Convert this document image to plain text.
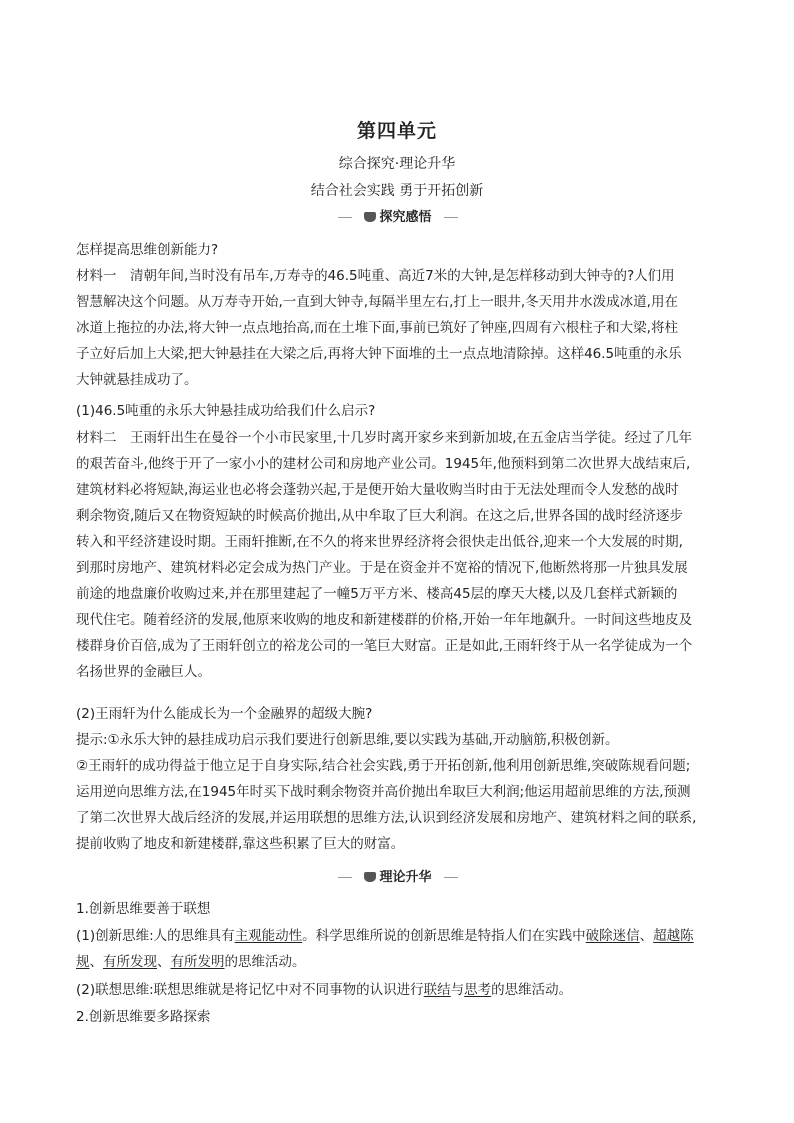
第四单元
综合探究·理论升华
结合社会实践 勇于开拓创新
探究感悟
怎样提高思维创新能力?
材料一　清朝年间,当时没有吊车,万寿寺的46.5吨重、高近7米的大钟,是怎样移动到大钟寺的?人们用
智慧解决这个问题。从万寿寺开始,一直到大钟寺,每隔半里左右,打上一眼井,冬天用井水泼成冰道,用在
冰道上拖拉的办法,将大钟一点点地抬高,而在土堆下面,事前已筑好了钟座,四周有六根柱子和大梁,将柱
子立好后加上大梁,把大钟悬挂在大梁之后,再将大钟下面堆的土一点点地清除掉。这样46.5吨重的永乐
大钟就悬挂成功了。
(1)46.5吨重的永乐大钟悬挂成功给我们什么启示?
材料二　王雨轩出生在曼谷一个小市民家里,十几岁时离开家乡来到新加坡,在五金店当学徒。经过了几年
的艰苦奋斗,他终于开了一家小小的建材公司和房地产业公司。1945年,他预料到第二次世界大战结束后,
建筑材料必将短缺,海运业也必将会蓬勃兴起,于是便开始大量收购当时由于无法处理而令人发愁的战时
剩余物资,随后又在物资短缺的时候高价抛出,从中牟取了巨大利润。在这之后,世界各国的战时经济逐步
转入和平经济建设时期。王雨轩推断,在不久的将来世界经济将会很快走出低谷,迎来一个大发展的时期,
到那时房地产、建筑材料必定会成为热门产业。于是在资金并不宽裕的情况下,他断然将那一片独具发展
前途的地盘廉价收购过来,并在那里建起了一幢5万平方米、楼高45层的摩天大楼,以及几套样式新颖的
现代住宅。随着经济的发展,他原来收购的地皮和新建楼群的价格,开始一年年地飙升。一时间这些地皮及
楼群身价百倍,成为了王雨轩创立的裕龙公司的一笔巨大财富。正是如此,王雨轩终于从一名学徒成为一个
名扬世界的金融巨人。
(2)王雨轩为什么能成长为一个金融界的超级大腕?
提示:①永乐大钟的悬挂成功启示我们要进行创新思维,要以实践为基础,开动脑筋,积极创新。
②王雨轩的成功得益于他立足于自身实际,结合社会实践,勇于开拓创新,他利用创新思维,突破陈规看问题;
运用逆向思维方法,在1945年时买下战时剩余物资并高价抛出牟取巨大利润;他运用超前思维的方法,预测
了第二次世界大战后经济的发展,并运用联想的思维方法,认识到经济发展和房地产、建筑材料之间的联系,
提前收购了地皮和新建楼群,靠这些积累了巨大的财富。
理论升华
1.创新思维要善于联想
(1)创新思维:人的思维具有主观能动性。科学思维所说的创新思维是特指人们在实践中破除迷信、超越陈
规、有所发现、有所发明的思维活动。
(2)联想思维:联想思维就是将记忆中对不同事物的认识进行联结与思考的思维活动。
2.创新思维要多路探索
